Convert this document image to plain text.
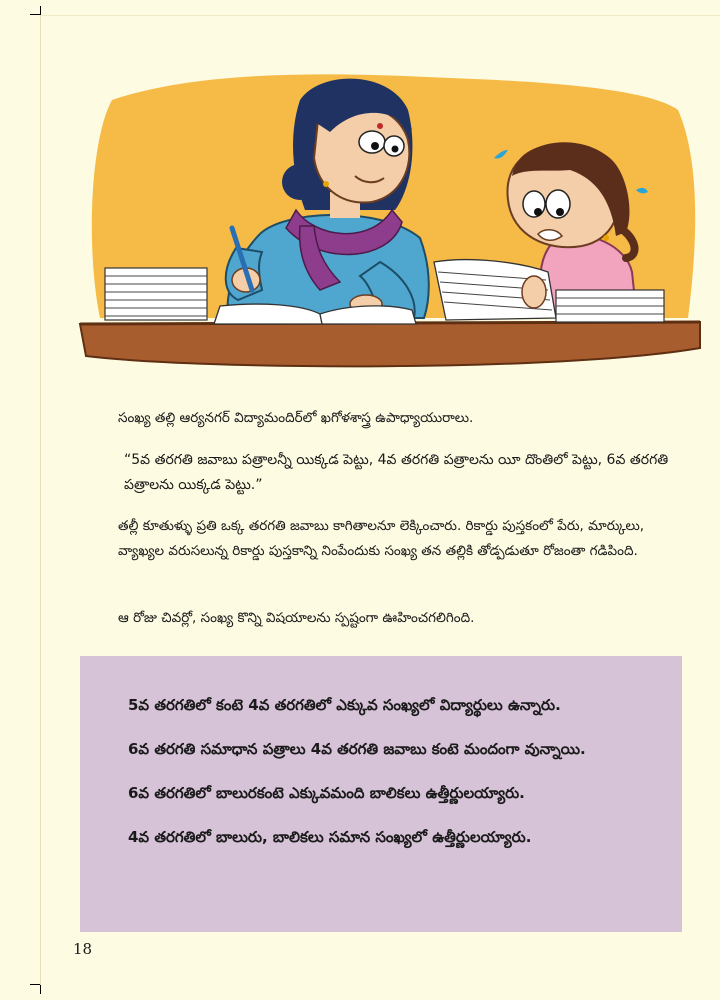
సంఖ్య తల్లి ఆర్యనగర్ విద్యామందిర్‌లో ఖగోళశాస్త్ర ఉపాధ్యాయురాలు.
“5వ తరగతి జవాబు పత్రాలన్నీ యిక్కడ పెట్టు, 4వ తరగతి పత్రాలను యీ దొంతిలో పెట్టు, 6వ తరగతి పత్రాలను యిక్కడ పెట్టు.”
తల్లీ కూతుళ్ళు ప్రతి ఒక్క తరగతి జవాబు కాగితాలనూ లెక్కించారు. రికార్డు పుస్తకంలో పేరు, మార్కులు, వ్యాఖ్యల వరుసలున్న రికార్డు పుస్తకాన్ని నింపేందుకు సంఖ్య తన తల్లికి తోడ్పడుతూ రోజంతా గడిపింది.
ఆ రోజు చివర్లో, సంఖ్య కొన్ని విషయాలను స్పష్టంగా ఊహించగలిగింది.

5వ తరగతిలో కంటె 4వ తరగతిలో ఎక్కువ సంఖ్యలో విద్యార్థులు ఉన్నారు.

6వ తరగతి సమాధాన పత్రాలు 4వ తరగతి జవాబు కంటె మందంగా వున్నాయి.

6వ తరగతిలో బాలురకంటె ఎక్కువమంది బాలికలు ఉత్తీర్ణులయ్యారు.

4వ తరగతిలో బాలురు, బాలికలు సమాన సంఖ్యలో ఉత్తీర్ణులయ్యారు.

18
